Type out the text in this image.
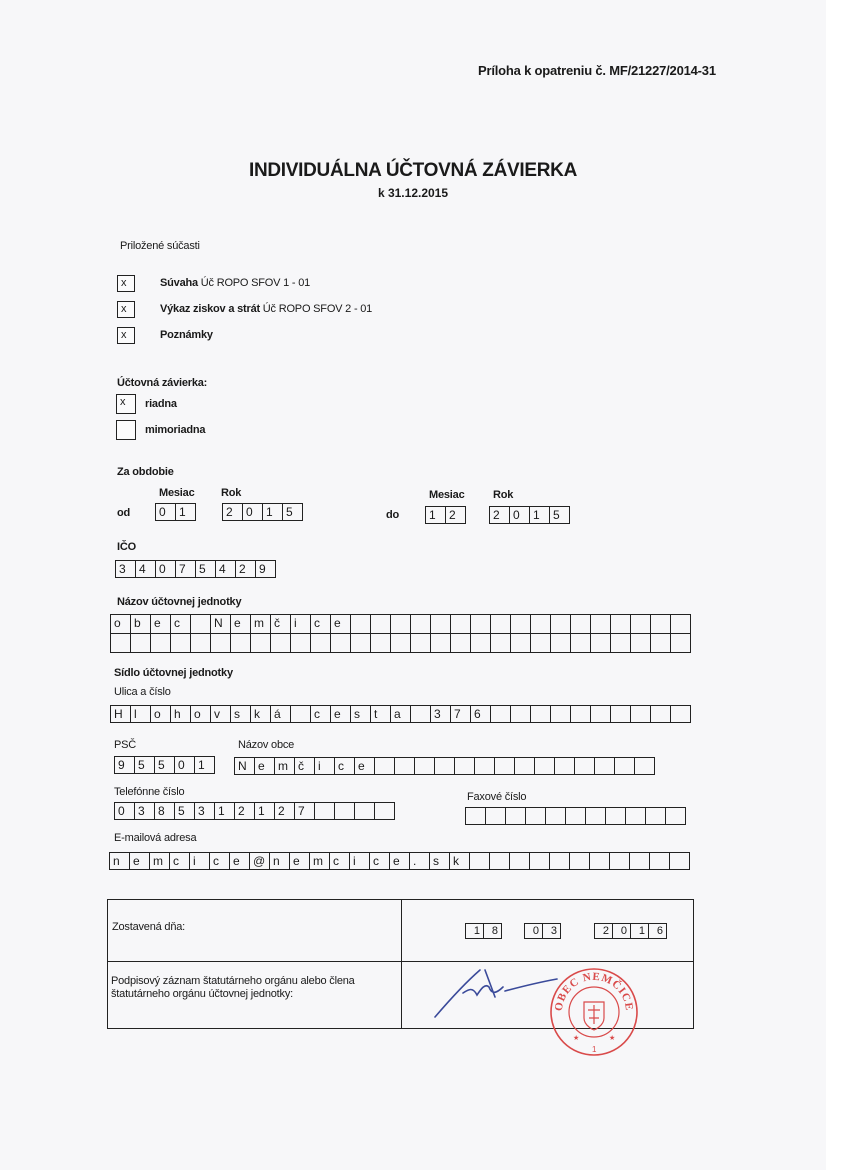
Príloha k opatreniu č. MF/21227/2014-31
INDIVIDUÁLNA ÚČTOVNÁ ZÁVIERKA
k 31.12.2015
Priložené súčasti
x	Súvaha Úč ROPO SFOV 1 - 01
x	Výkaz ziskov a strát Úč ROPO SFOV 2 - 01
x	Poznámky
Účtovná závierka:
x	riadna
mimoriadna
Za obdobie
Mesiac Rok
od	0	1	2	0	1	5
Mesiac	Rok
do	1	2	2	0	1	5
IČO
3	4	0	7	5	4	2	9
Názov účtovnej jednotky
o	b	e	c	N e	m č	i	c	e
Sídlo účtovnej jednotky
Ulica a číslo
H l	o	h	o	v	s	k	á	c	e	s	t	a	3	7	6
PSČ	Názov obce
9	5	5	0	1	N e	m č	i	c	e
Telefónne číslo	Faxové číslo
0	3	8	5	3	1	2	1	2	7
E-mailová adresa
n	e	m c	i	c	e	@ n	e	m c	i	c	e	.	s	k
Zostavená dňa:	1	8	0	3	2	0	1	6
Podpisový záznam štatutárneho orgánu alebo člena štatutárneho orgánu účtovnej jednotky:
OBEC NEMČICE
★	★
1
